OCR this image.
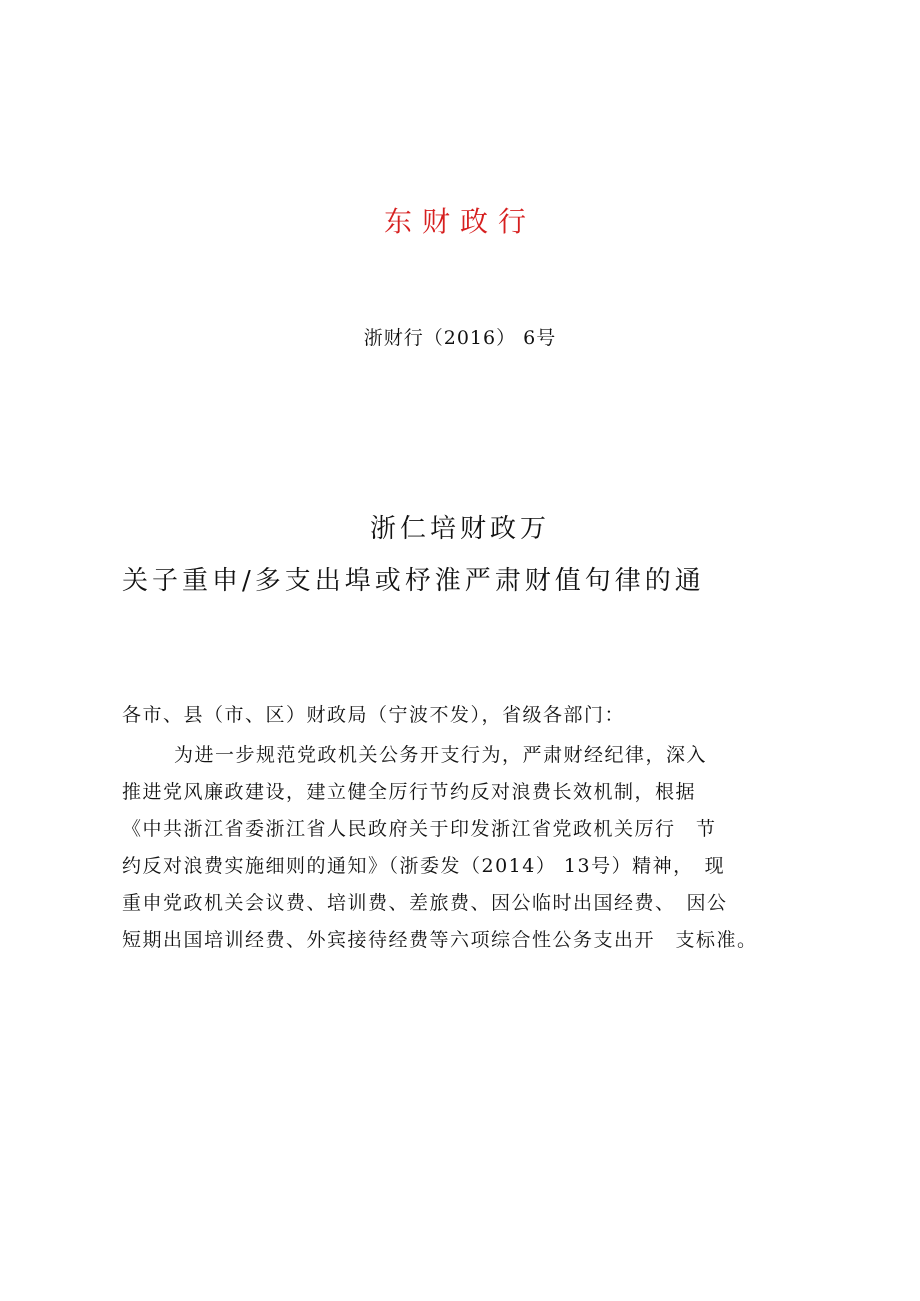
东财政行
浙财行（2016） 6号
浙仁培财政万
关子重申/多支出埠或杼淮严肃财值句律的通
各市、县（市、区）财政局（宁波不发），省级各部门：
为进一步规范党政机关公务开支行为，严肃财经纪律，深入
推进党风廉政建设，建立健全厉行节约反对浪费长效机制，根据
《中共浙江省委浙江省人民政府关于印发浙江省党政机关厉行　节
约反对浪费实施细则的通知》（浙委发（2014） 13号）精神，　现
重申党政机关会议费、培训费、差旅费、因公临时出国经费、　因公
短期出国培训经费、外宾接待经费等六项综合性公务支出开　支标准。
